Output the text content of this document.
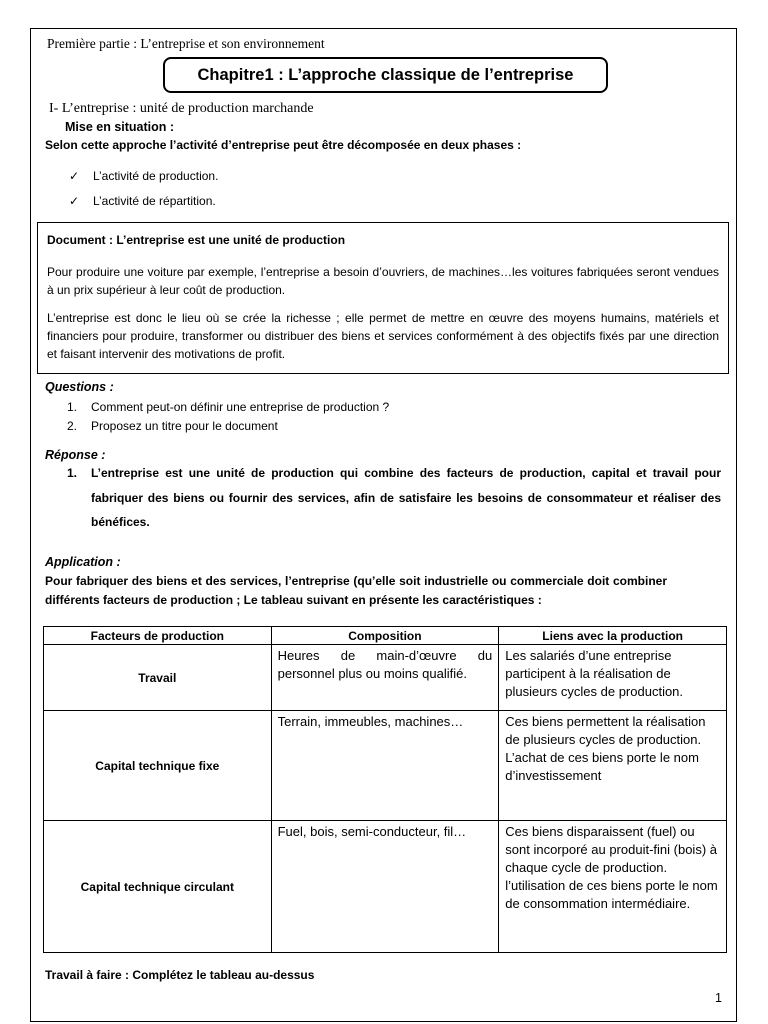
Première partie : L’entreprise et son environnement
Chapitre1 : L’approche classique de l’entreprise
I- L’entreprise : unité de production marchande
Mise en situation :
Selon cette approche l’activité d’entreprise peut être décomposée en deux phases :
✓	L’activité de production.
✓	L’activité de répartition.

Document : L’entreprise est une unité de production

Pour produire une voiture par exemple, l’entreprise a besoin d’ouvriers, de machines…les voitures fabriquées seront vendues à un prix supérieur à leur coût de production.

L’entreprise est donc le lieu où se crée la richesse ; elle permet de mettre en œuvre des moyens humains, matériels et financiers pour produire, transformer ou distribuer des biens et services conformément à des objectifs fixés par une direction et faisant intervenir des motivations de profit.

Questions :
1.	Comment peut-on définir une entreprise de production ?
2.	Proposez un titre pour le document
Réponse :
1.	L’entreprise est une unité de production qui combine des facteurs de production, capital et travail pour fabriquer des biens ou fournir des services, afin de satisfaire les besoins de consommateur et réaliser des bénéfices.
Application :
Pour fabriquer des biens et des services, l’entreprise (qu’elle soit industrielle ou commerciale doit combiner différents facteurs de production ; Le tableau suivant en présente les caractéristiques :
Facteurs de production	Composition	Liens avec la production
Travail	Heures de main-d’œuvre du personnel plus ou moins qualifié.	Les salariés d’une entreprise participent à la réalisation de plusieurs cycles de production.
Capital technique fixe	Terrain, immeubles, machines…	Ces biens permettent la réalisation de plusieurs cycles de production. L’achat de ces biens porte le nom d’investissement
Capital technique circulant	Fuel, bois, semi-conducteur, fil…	Ces biens disparaissent (fuel) ou sont incorporé au produit-fini (bois) à chaque cycle de production. l’utilisation de ces biens porte le nom de consommation intermédiaire.
Travail à faire : Complétez le tableau au-dessus
1
